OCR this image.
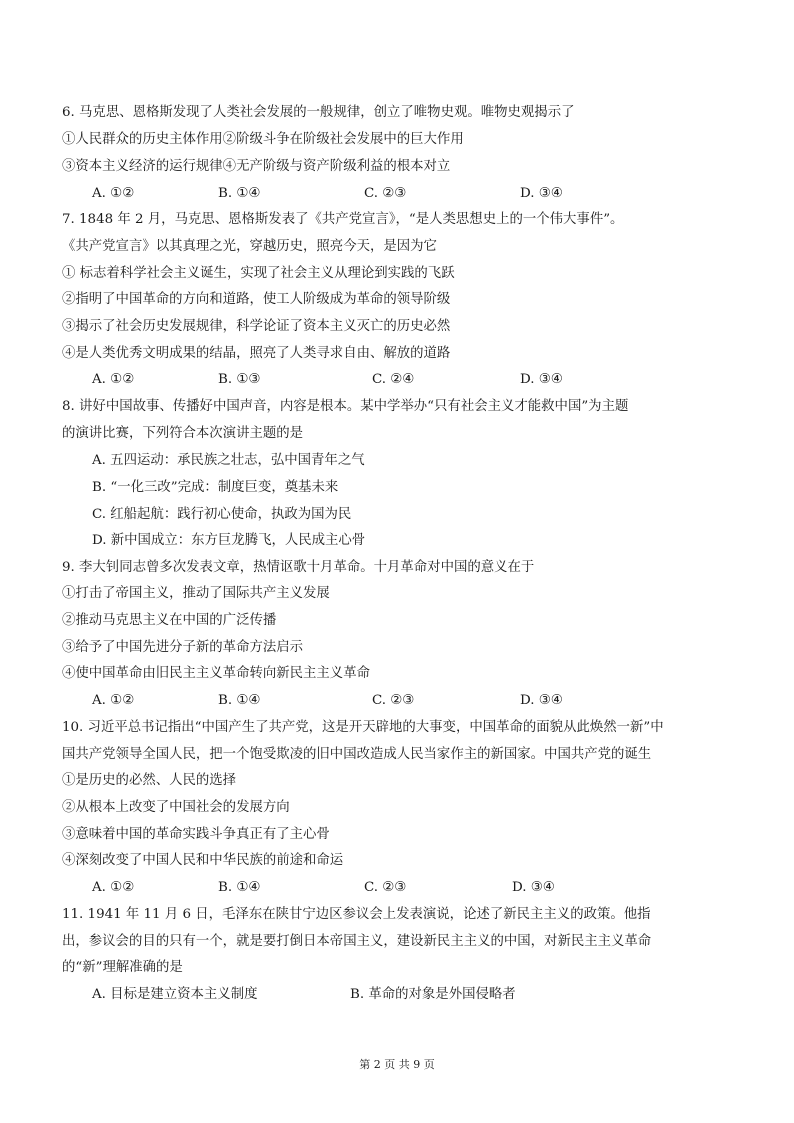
6. 马克思、恩格斯发现了人类社会发展的一般规律，创立了唯物史观。唯物史观揭示了
①人民群众的历史主体作用②阶级斗争在阶级社会发展中的巨大作用
③资本主义经济的运行规律④无产阶级与资产阶级利益的根本对立
A. ①②	B. ①④	C. ②③	D. ③④
7. 1848 年 2 月，马克思、恩格斯发表了《共产党宣言》，“是人类思想史上的一个伟大事件”。
《共产党宣言》以其真理之光，穿越历史，照亮今天，是因为它
① 标志着科学社会主义诞生，实现了社会主义从理论到实践的飞跃
②指明了中国革命的方向和道路，使工人阶级成为革命的领导阶级
③揭示了社会历史发展规律，科学论证了资本主义灭亡的历史必然
④是人类优秀文明成果的结晶，照亮了人类寻求自由、解放的道路
A. ①②	B. ①③	C. ②④	D. ③④
8. 讲好中国故事、传播好中国声音，内容是根本。某中学举办“只有社会主义才能救中国”为主题
的演讲比赛，下列符合本次演讲主题的是
A. 五四运动：承民族之壮志，弘中国青年之气
B. “一化三改”完成：制度巨变，奠基未来
C. 红船起航：践行初心使命，执政为国为民
D. 新中国成立：东方巨龙腾飞，人民成主心骨
9. 李大钊同志曾多次发表文章，热情讴歌十月革命。十月革命对中国的意义在于
①打击了帝国主义，推动了国际共产主义发展
②推动马克思主义在中国的广泛传播
③给予了中国先进分子新的革命方法启示
④使中国革命由旧民主主义革命转向新民主主义革命
A. ①②	B. ①④	C. ②③	D. ③④
10. 习近平总书记指出“中国产生了共产党，这是开天辟地的大事变，中国革命的面貌从此焕然一新”中
国共产党领导全国人民，把一个饱受欺凌的旧中国改造成人民当家作主的新国家。中国共产党的诞生
①是历史的必然、人民的选择
②从根本上改变了中国社会的发展方向
③意味着中国的革命实践斗争真正有了主心骨
④深刻改变了中国人民和中华民族的前途和命运
A. ①②	B. ①④	C. ②③	D. ③④
11. 1941 年 11 月 6 日，毛泽东在陕甘宁边区参议会上发表演说，论述了新民主主义的政策。他指
出，参议会的目的只有一个，就是要打倒日本帝国主义，建设新民主主义的中国，对新民主主义革命
的“新”理解准确的是
A. 目标是建立资本主义制度	B. 革命的对象是外国侵略者
第 2 页 共 9 页
